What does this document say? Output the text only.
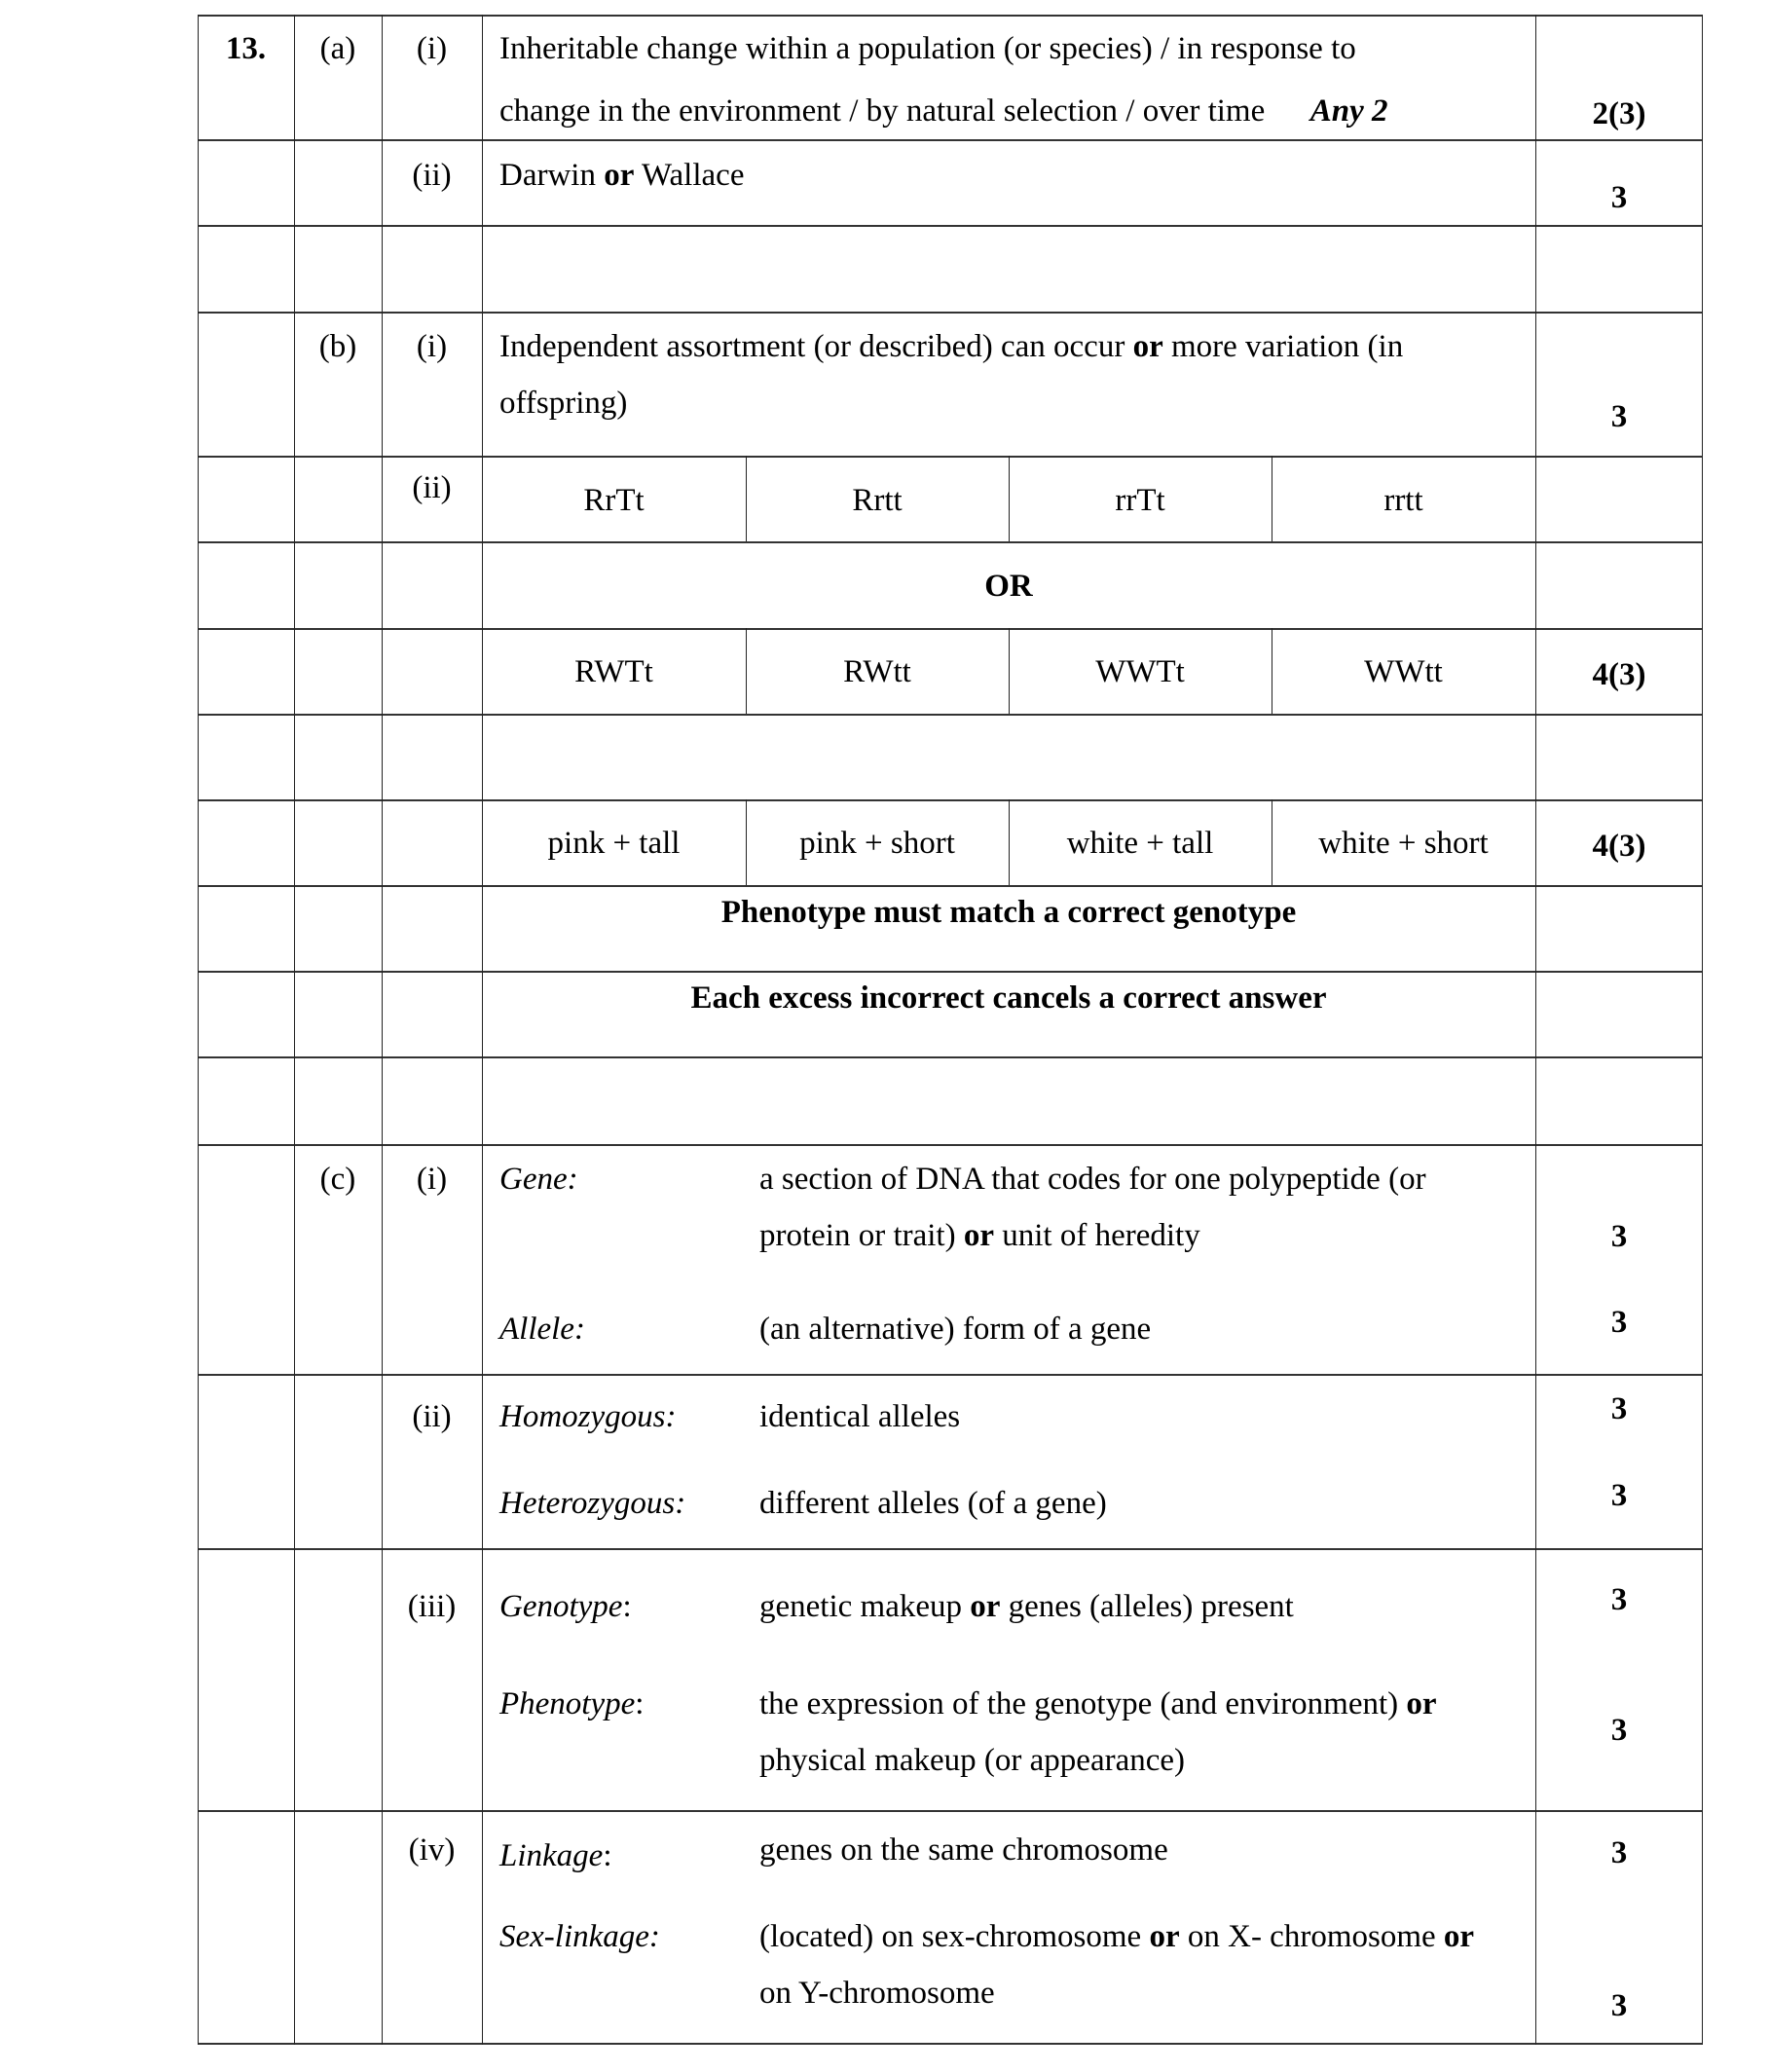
13.	(a)	(i)	Inheritable change within a population (or species) / in response to
change in the environment / by natural selection / over time Any 2	2(3)
(ii)	Darwin or Wallace
3
(b)	(i)	Independent assortment (or described) can occur or more variation (in
offspring)	3
(ii)	RrTt	Rrtt	rrTt	rrtt
OR
RWTt	RWtt	WWTt	WWtt	4(3)
pink + tall	pink + short	white + tall	white + short	4(3)
Phenotype must match a correct genotype
Each excess incorrect cancels a correct answer
(c)	(i)	Gene:	a section of DNA that codes for one polypeptide (or
protein or trait) or unit of heredity	3
Allele:	(an alternative) form of a gene	3
(ii)	Homozygous:	identical alleles	3
Heterozygous: different alleles (of a gene)	3
(iii)	Genotype:	genetic makeup or genes (alleles) present	3
Phenotype:	the expression of the genotype (and environment) or
physical makeup (or appearance)
3
(iv)	Linkage:	genes on the same chromosome	3
Sex-linkage:	(located) on sex-chromosome or on X- chromosome or
on Y-chromosome	3
